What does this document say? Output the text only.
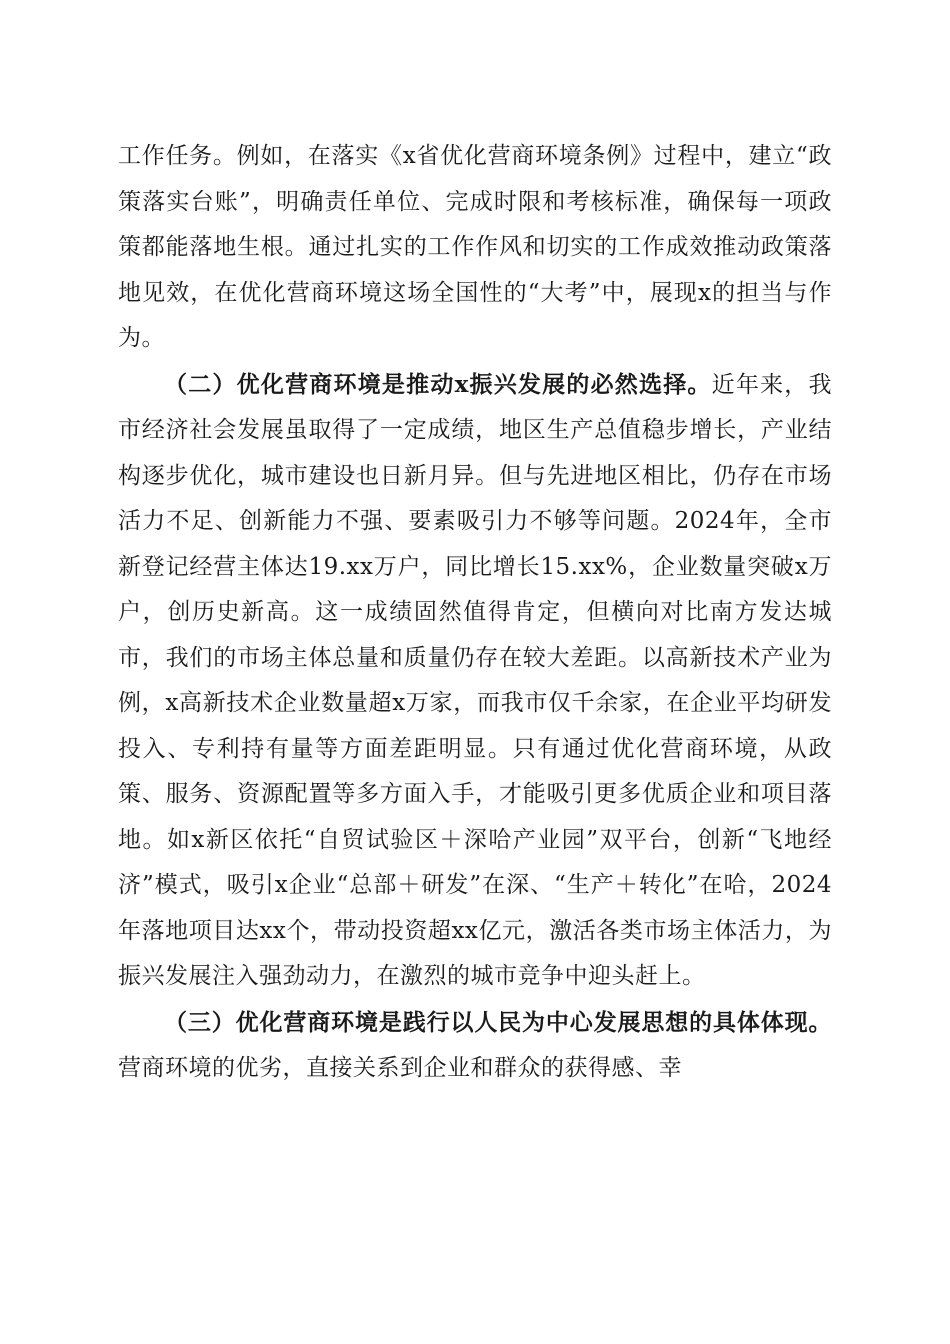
工作任务。例如，在落实《x省优化营商环境条例》过程中，建立“政策落实台账”，明确责任单位、完成时限和考核标准，确保每一项政策都能落地生根。通过扎实的工作作风和切实的工作成效推动政策落地见效，在优化营商环境这场全国性的“大考”中，展现x的担当与作为。

（二）优化营商环境是推动x振兴发展的必然选择。近年来，我市经济社会发展虽取得了一定成绩，地区生产总值稳步增长，产业结构逐步优化，城市建设也日新月异。但与先进地区相比，仍存在市场活力不足、创新能力不强、要素吸引力不够等问题。2024年，全市新登记经营主体达19.xx万户，同比增长15.xx%，企业数量突破x万户，创历史新高。这一成绩固然值得肯定，但横向对比南方发达城市，我们的市场主体总量和质量仍存在较大差距。以高新技术产业为例，x高新技术企业数量超x万家，而我市仅千余家，在企业平均研发投入、专利持有量等方面差距明显。只有通过优化营商环境，从政策、服务、资源配置等多方面入手，才能吸引更多优质企业和项目落地。如x新区依托“自贸试验区＋深哈产业园”双平台，创新“飞地经济”模式，吸引x企业“总部＋研发”在深、“生产＋转化”在哈，2024年落地项目达xx个，带动投资超xx亿元，激活各类市场主体活力，为振兴发展注入强劲动力，在激烈的城市竞争中迎头赶上。

（三）优化营商环境是践行以人民为中心发展思想的具体体现。营商环境的优劣，直接关系到企业和群众的获得感、幸
